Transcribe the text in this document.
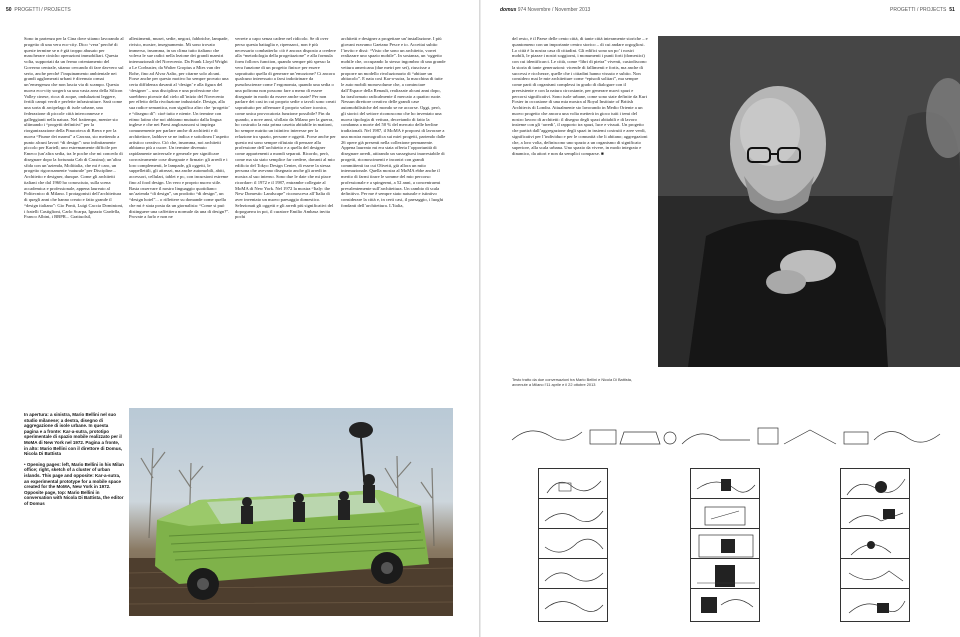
50 PROGETTI / PROJECTS

Sono in partenza per la Cina dove stiamo lavorando al progetto di una vera eco-city. Dico ‘vera’ perché di queste termine se n è già troppo abusato per mascherare cinicho operazioni immobiliari. Questa volta, supportati da un fermo orientamento del Governo centrale, stiamo cercando di fare davvero sul serio, anche perché l’inquinamento ambientale nei grandi agglomerati urbani è divenuto ormai un’emergenza che non lascia via di scampo. Questa nuova eco-city sorgerà su una vasta area della Silicon Valley cinese, ricca di acque, ondulazioni leggere, fertili campi verdi e perfette infrastrutture. Sarà come una sorta di arcipelago di isole urbane, una federazione di piccole città interconnesse e galleggianti nella natura. Nel frattempo, mentre sto ultimando i “progetti definitivi” per la riorganizzazione della Pinacoteca di Brera e per la nuova “Fiume dei marmi” a Carrara, sto mettendo a punto alcuni lavori “di design”: uno infinitamente piccolo per Kartell; uno estremamente difficile per Emeco (un’altra sedia, tra le poche che mi concedo di disegnare dopo la fortunata Cab di Cassina); un’altra sfida con un’azienda, Moltitalia, che mi è caro, un progetto rigorosamente ‘naturale’ per Discipline... Architetto e designer, dunque. Come gli architetti italiani che dal 1960 ho conosciuto, sulla scena accademica e professionale, appena laureato al Politecnico di Milano. I protagonisti dell’architettura di quegli anni che hanno creato e fatto grande il “design italiano”: Gio Ponti, Luigi Caccia Dominioni, i fratelli Castiglioni, Carlo Scarpa, Ignazio Gardella, Franco Albini, i BBPR... Grattuolsil,

allestimenti, musei, sedie, negozi, fabbriche, lampade, rivisto, mostre, insegnamento. Mi sono trovato immerso, insomma, in un clima tutto italiano che voleva le sue radici nella lezione dei grandi maestri internazionali del Novecento. Da Frank Lloyd Wright a Le Corbusier, da Walter Gropius a Mies van der Rohe, fino ad Alvar Aalto, per citarne solo alcuni. Forse anche per questo motivo ho sempre provato una certa diffidenza davanti al ‘design’ e alla figura del ‘designer’ – una disciplina e una professione che sarebbero piovute dal cielo all’inizio del Novecento per effetto della rivoluzione industriale. Design, alla sua radice semantica, non significa altro che ‘progetto’ e “disegno di”: cioè tutto e niente. Un termine con etimo latino che noi abbiamo mutuato dalla lingua inglese e che nei Paesi anglosassoni si impiega comunemente per parlare anche di architetti e di architettore, laddove se ne indica e sottolinea l’aspetto artistico creativo. Ciò che, insomma, noi architetti abbiamo più a cuore. Un termine divenuto rapidamente universale e generale per significare corrosivamente cose disegnate e firmate: gli arredi e i loro complementi, le lampade, gli oggetti, le suppellettili, gli attrezzi, ma anche automobili, abiti, accessori, cellulari, tablet e pc, con incursioni estreme fino al food design. Un vero e proprio nuovo stile. Basta osservare il nostro linguaggio quotidiano: un’azienda “di design”, un prodotto “di design”, un “design hotel”... o riflettere su domande come quella che mi è stata posta da un giornalista: “Come si può distinguere una caffettiera normale da una di design?”. Provate a farlo e non ne

verrete a capo senza cadere nel ridicolo. Se di over perso questa battaglia e, ripensarci, non è più necessario combatterla: ciò è ancora disposto a credere alla “metodologia della progettazione” e alla formula form follows function, quando sempre più spesso la vera funzione di un progetto finisce per essere soprattutto quella di generare un’emozione? Ci ancora qualcuno interessato a farsi indottrinare da pseudoscienze come l’ergonomia, quando una sedia o una poltrona non possono fare a meno di essere disegnate in modo da essere anche usate? Per non parlare dei casi in cui proprio sedie o tavoli sono creati soprattutto per affermare il proprio valore iconico, come unica provocatoria funzione possibile? Fin da quando, a nove anni, sfollato da Milano per la guerra, ho costruito la mia prima casetta abitabile in mattoni, ho sempre nutrito un istintivo interesse per la relazione tra spazio, persone e oggetti. Forse anche per questo mi sono sempre rifiutato di pensare alla professione dell’architetto e a quella del designer come appartenenti a mondi separati. Ricordo, però, come ma sia stato semplice far credere, davanti al mio edificio del Tokyo Design Center, di essere la stessa persona che avevano disegnato anche gli arredi in mostra al suo interno. Sono due le date che mi piace ricordare: il 1972 e il 1987, entrambe collegate al MoMA di New York. Nel 1972 la mostra “Italy: the New Domestic Landscape” riconosceva all’Italia di aver inventato un nuovo paesaggio domestico. Selezionati gli oggetti e gli arredi più significativi del dopoguerra in poi, il curatore Emilio Ambasz invita pochi

architetti e designer a progettare un’installazione. I più giovani eravamo Gaetano Pesce e io. Accettai subito l’invito e dissi: “Visto che sono un architetto, vorrei realizzare uno spazio mobile”. In sostanza, un ‘oggetto mobile che, occupando lo stesso ingombro di una grande vettura americana (due metri per sei), riuscisse a proporre un modello rivoluzionario di “abitare un abitacolo”. E nata così Kar-a-sutra, la macchina di tutte le auto mobili monovolume che, a cominciare dall’Espace della Renault, realizzate alcuni anni dopo, ha trasformato radicalmente il mercato a quattro ruote. Nessun direttore creativo delle grandi case automobilistiche del mondo se ne accorse. Oggi, però, gli storici del settore riconoscono che ho inventato una nuova tipologia di vettura, decretando di fatto la condanna a morte del 50 % del mercato delle berline tradizionali. Nel 1987, il MoMA è proporsi di lavorare a una mostra monografica sui miei progetti, partendo dalle 26 opere già presenti nella collezione permanente. Appena laureato mi era stata offerta l’opportunità di disegnare arredi, attirando un sussegiursi inarrestabile di progetti, riconoscimenti e incontri con grandi committenti tra cui Olivetti, già allora un mito internazionale. Quella mostra al MoMA ebbe anche il merito di farmi tirare le somme del mio percorso professionale e a spingermi, a 52 anni, a concentrarmi prevalentemente sull’architettura. Un cambio di scala definitivo. Per me è sempre stato naturale e istintivo considerare la città e, in certi casi, il paesaggio, i luoghi fondanti dell’architettura. L’Italia,

In apertura: a sinistra, Mario Bellini nel suo studio milanese; a destra, disegno di aggregazione di isole urbane. In questa pagina e a fronte: Kar-a-sutra, prototipo sperimentale di spazio mobile realizzato per il MoMA di New York nel 1972. Pagina a fronte, in alto: Mario Bellini con il direttore di Domus, Nicola Di Battista
• Opening pages: left, Mario Bellini in his Milan office; right, sketch of a cluster of urban islands. This page and opposite: Kar-a-sutra, an experimental prototype for a mobile space created for the MoMA, New York in 1972. Opposite page, top: Mario Bellini in conversation with Nicola Di Battista, the editor of Domus
domus 974 Novembre / November 2013	PROGETTI / PROJECTS 51

del resto, è il Paese delle cento città, di tante città interamente storiche – e quantomeno con un importante centro storico – di cui andare orgogliosi. Lo città è la nostra casa di cittadini. Gli edifici sono un po’ i nostri mobili, le piazze i nostri soggiorni, i monumenti i punti forti (domestici) con cui identificarci. Le città, come “libri di pietra” viventi, custodiscono la storia di tante generazioni: vicende di fallimenti e fortis, ma anche di successi e ricchezze, quelle che i cittadini hanno vissuto e subito. Non considero mai le mie architetture come “episodi solitari”, ma sempre come parti di organismi complessi in grado di dialogare con il preesistente e con la natura circostante, per generare nuovi spazi e percorsi significativi. Sono isole urbane, come sono state definite da Kurt Foster in occasione di una mia mostra al Royal Institute of British Architects di Londra. Attualmente sto lavorando in Medio Oriente a un nuovo progetto che ancora una volta metterà in gioco tutti i temi del nostro lavoro di architetti: il disegno degli spazi abitabili e di lavoro insieme con gli ‘arredi’, il rapporto tra spazi, luce e vissuti. Un progetto che partirà dall’aggregazione degli spazi in insiemi costruiti e aree verdi, significativi per l’individuo e per le comunità che li abitano; aggregazioni che, a loro volta, definiscono uno spazio a un organismo di significato superiore, alla scala urbana. Uno spazio da vivere, in modo integrato e dinamico, da attori e non da semplici comparse. ■

Testo tratto da due conversazioni tra Mario Bellini e Nicola Di Battista, avvenute a Milano l’11 aprile e il 22 ottobre 2013
